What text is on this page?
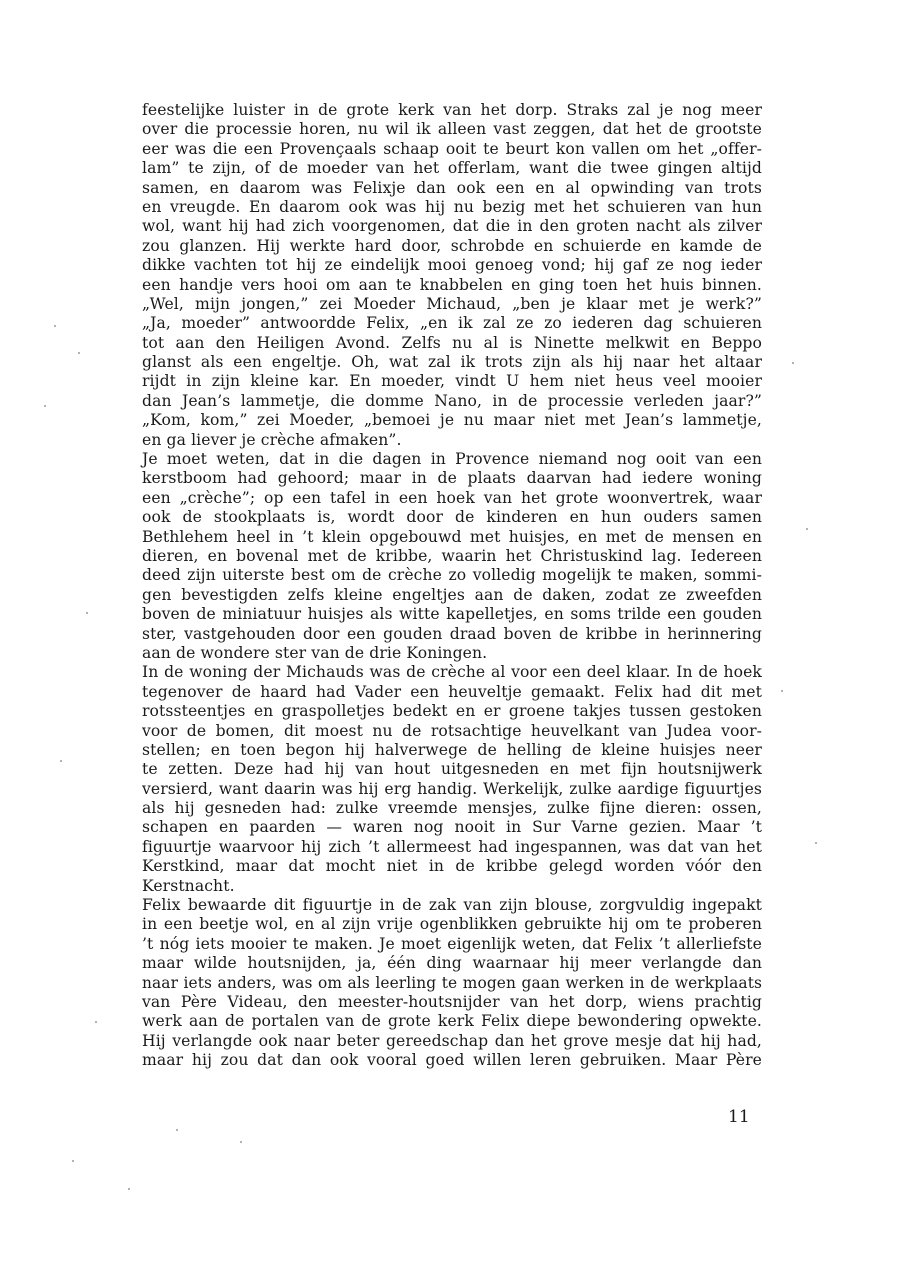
feestelijke luister in de grote kerk van het dorp. Straks zal je nog meer
over die processie horen, nu wil ik alleen vast zeggen, dat het de grootste
eer was die een Provençaals schaap ooit te beurt kon vallen om het „offer-
lam” te zijn, of de moeder van het offerlam, want die twee gingen altijd
samen, en daarom was Felixje dan ook een en al opwinding van trots
en vreugde. En daarom ook was hij nu bezig met het schuieren van hun
wol, want hij had zich voorgenomen, dat die in den groten nacht als zilver
zou glanzen. Hij werkte hard door, schrobde en schuierde en kamde de
dikke vachten tot hij ze eindelijk mooi genoeg vond; hij gaf ze nog ieder
een handje vers hooi om aan te knabbelen en ging toen het huis binnen.
„Wel, mijn jongen,” zei Moeder Michaud, „ben je klaar met je werk?”
„Ja, moeder” antwoordde Felix, „en ik zal ze zo iederen dag schuieren
tot aan den Heiligen Avond. Zelfs nu al is Ninette melkwit en Beppo
glanst als een engeltje. Oh, wat zal ik trots zijn als hij naar het altaar
rijdt in zijn kleine kar. En moeder, vindt U hem niet heus veel mooier
dan Jean’s lammetje, die domme Nano, in de processie verleden jaar?”
„Kom, kom,” zei Moeder, „bemoei je nu maar niet met Jean’s lammetje,
en ga liever je crèche afmaken”.
Je moet weten, dat in die dagen in Provence niemand nog ooit van een
kerstboom had gehoord; maar in de plaats daarvan had iedere woning
een „crèche”; op een tafel in een hoek van het grote woonvertrek, waar
ook de stookplaats is, wordt door de kinderen en hun ouders samen
Bethlehem heel in ’t klein opgebouwd met huisjes, en met de mensen en
dieren, en bovenal met de kribbe, waarin het Christuskind lag. Iedereen
deed zijn uiterste best om de crèche zo volledig mogelijk te maken, sommi-
gen bevestigden zelfs kleine engeltjes aan de daken, zodat ze zweefden
boven de miniatuur huisjes als witte kapelletjes, en soms trilde een gouden
ster, vastgehouden door een gouden draad boven de kribbe in herinnering
aan de wondere ster van de drie Koningen.
In de woning der Michauds was de crèche al voor een deel klaar. In de hoek
tegenover de haard had Vader een heuveltje gemaakt. Felix had dit met
rotssteentjes en graspolletjes bedekt en er groene takjes tussen gestoken
voor de bomen, dit moest nu de rotsachtige heuvelkant van Judea voor-
stellen; en toen begon hij halverwege de helling de kleine huisjes neer
te zetten. Deze had hij van hout uitgesneden en met fijn houtsnijwerk
versierd, want daarin was hij erg handig. Werkelijk, zulke aardige figuurtjes
als hij gesneden had: zulke vreemde mensjes, zulke fijne dieren: ossen,
schapen en paarden — waren nog nooit in Sur Varne gezien. Maar ’t
figuurtje waarvoor hij zich ’t allermeest had ingespannen, was dat van het
Kerstkind, maar dat mocht niet in de kribbe gelegd worden vóór den
Kerstnacht.
Felix bewaarde dit figuurtje in de zak van zijn blouse, zorgvuldig ingepakt
in een beetje wol, en al zijn vrije ogenblikken gebruikte hij om te proberen
’t nóg iets mooier te maken. Je moet eigenlijk weten, dat Felix ’t allerliefste
maar wilde houtsnijden, ja, één ding waarnaar hij meer verlangde dan
naar iets anders, was om als leerling te mogen gaan werken in de werkplaats
van Père Videau, den meester-houtsnijder van het dorp, wiens prachtig
werk aan de portalen van de grote kerk Felix diepe bewondering opwekte.
Hij verlangde ook naar beter gereedschap dan het grove mesje dat hij had,
maar hij zou dat dan ook vooral goed willen leren gebruiken. Maar Père
11
